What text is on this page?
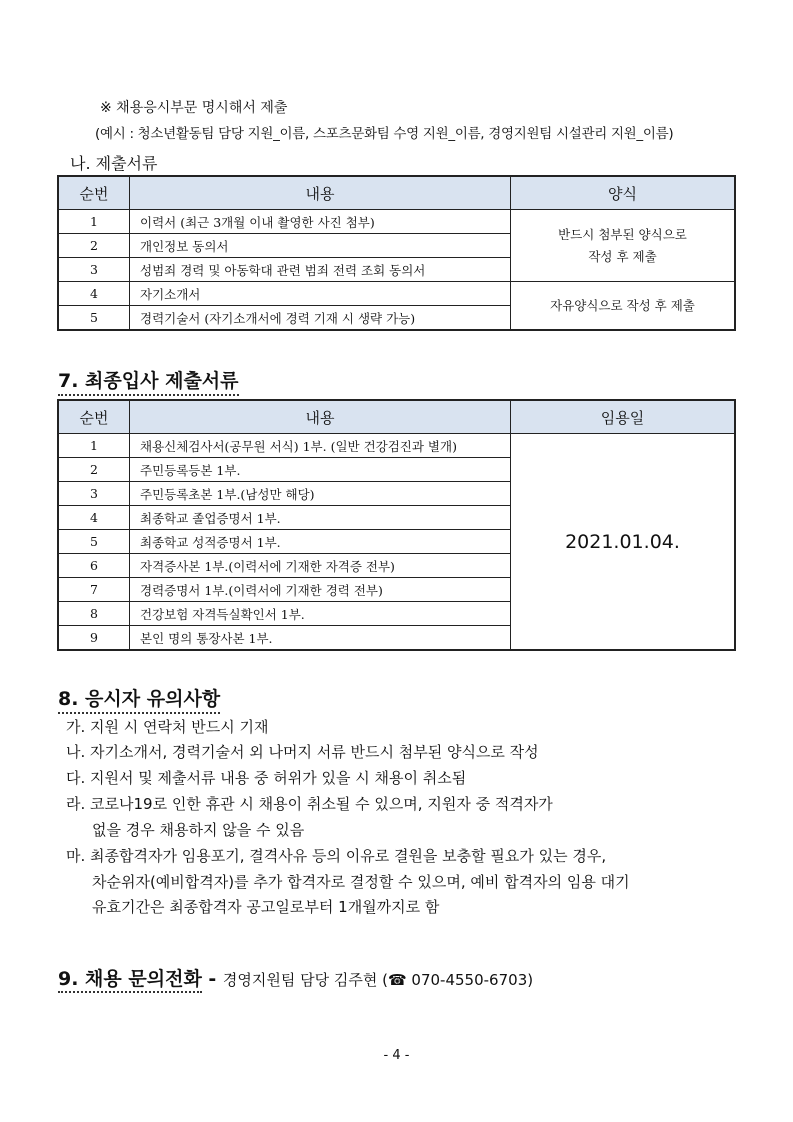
※ 채용응시부문 명시해서 제출
(예시 : 청소년활동팀 담당 지원_이름, 스포츠문화팀 수영 지원_이름, 경영지원팀 시설관리 지원_이름)
나. 제출서류
순번	내용	양식
1	이력서 (최근 3개월 이내 촬영한 사진 첨부)	반드시 첨부된 양식으로
작성 후 제출

2	개인정보 동의서	
3	성범죄 경력 및 아동학대 관련 범죄 전력 조회 동의서	
4	자기소개서	자유양식으로 작성 후 제출
5	경력기술서 (자기소개서에 경력 기재 시 생략 가능)	
7. 최종입사 제출서류
순번	내용	임용일
1	채용신체검사서(공무원 서식) 1부. (일반 건강검진과 별개)	2021.01.04.
2	주민등록등본 1부.	
3	주민등록초본 1부.(남성만 해당)	
4	최종학교 졸업증명서 1부.	
5	최종학교 성적증명서 1부.	
6	자격증사본 1부.(이력서에 기재한 자격증 전부)	
7	경력증명서 1부.(이력서에 기재한 경력 전부)	
8	건강보험 자격득실확인서 1부.	
9	본인 명의 통장사본 1부.	
8. 응시자 유의사항
가. 지원 시 연락처 반드시 기재
나. 자기소개서, 경력기술서 외 나머지 서류 반드시 첨부된 양식으로 작성
다. 지원서 및 제출서류 내용 중 허위가 있을 시 채용이 취소됨
라. 코로나19로 인한 휴관 시 채용이 취소될 수 있으며, 지원자 중 적격자가
없을 경우 채용하지 않을 수 있음
마. 최종합격자가 임용포기, 결격사유 등의 이유로 결원을 보충할 필요가 있는 경우,
차순위자(예비합격자)를 추가 합격자로 결정할 수 있으며, 예비 합격자의 임용 대기
유효기간은 최종합격자 공고일로부터 1개월까지로 함
9. 채용 문의전화 - 경영지원팀 담당 김주현 (☎ 070-4550-6703)
- 4 -
